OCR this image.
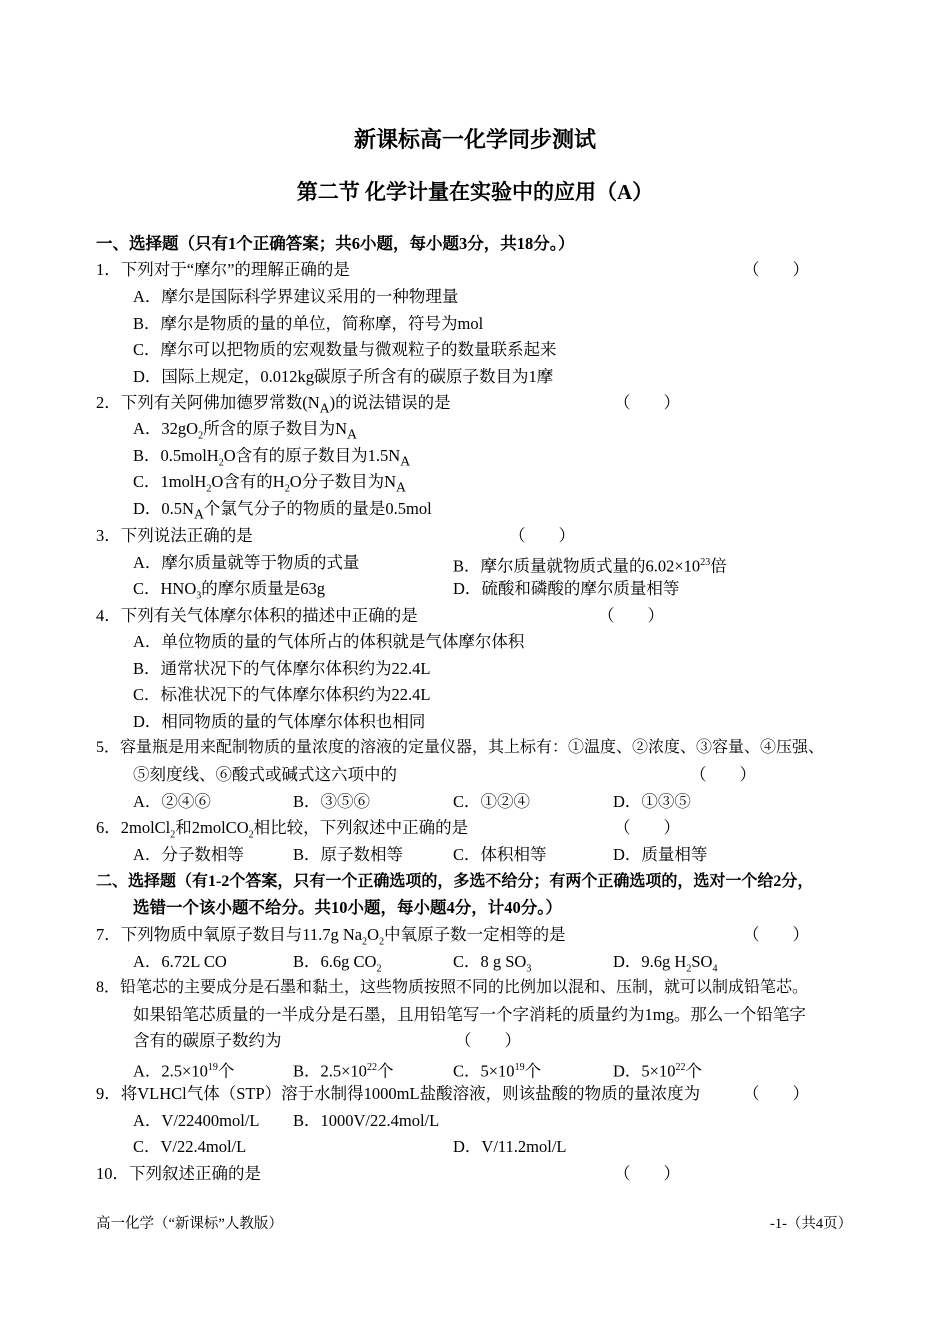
新课标高一化学同步测试
第二节 化学计量在实验中的应用（A）
一、选择题（只有1个正确答案；共6小题，每小题3分，共18分。）
1．下列对于“摩尔”的理解正确的是	（　　）
A．摩尔是国际科学界建议采用的一种物理量
B．摩尔是物质的量的单位，简称摩，符号为mol
C．摩尔可以把物质的宏观数量与微观粒子的数量联系起来
D．国际上规定，0.012kg碳原子所含有的碳原子数目为1摩
2．下列有关阿佛加德罗常数$(N_A)$的说法错误的是	（　　）
A．$32gO_2$所含的原子数目为$N_A$
B．0.5molH$_2$O含有的原子数目为$1.5N_A$
C．1molH$_2$O含有的$H_2O$分子数目为$N_A$
D．$0.5N_A$个氯气分子的物质的量是0.5mol
3．下列说法正确的是	（　　）
A．摩尔质量就等于物质的式量	B．摩尔质量就物质式量的$6.02\times 10^{23}$倍
C．$HNO_3$的摩尔质量是63g	D．硫酸和磷酸的摩尔质量相等
4．下列有关气体摩尔体积的描述中正确的是	（　　）
A．单位物质的量的气体所占的体积就是气体摩尔体积
B．通常状况下的气体摩尔体积约为22.4L
C．标准状况下的气体摩尔体积约为22.4L
D．相同物质的量的气体摩尔体积也相同
5．容量瓶是用来配制物质的量浓度的溶液的定量仪器，其上标有：①温度、②浓度、③容量、④压强、
⑤刻度线、⑥酸式或碱式这六项中的	（　　）
A．②④⑥	B．③⑤⑥	C．①②④	D．①③⑤
6．2molCl$_2$和2molCO$_2$相比较，下列叙述中正确的是	（　　）
A．分子数相等	B．原子数相等	C．体积相等	D．质量相等
二、选择题（有1-2个答案，只有一个正确选项的，多选不给分；有两个正确选项的，选对一个给2分，
选错一个该小题不给分。共10小题，每小题4分，计40分。）
7．下列物质中氧原子数目与11.7g $Na_2O_2$中氧原子数一定相等的是	（　　）
A．6.72L CO	B．6.6g $CO_2$	C．8 g $SO_3$	D．9.6g $H_2SO_4$
8．铅笔芯的主要成分是石墨和黏土，这些物质按照不同的比例加以混和、压制，就可以制成铅笔芯。
如果铅笔芯质量的一半成分是石墨，且用铅笔写一个字消耗的质量约为1mg。那么一个铅笔字
含有的碳原子数约为	（　　）
A．$2.5\times 10^{19}$个	B．$2.5\times 10^{22}$个	C．$5\times 10^{19}$个	D．$5\times 10^{22}$个
9．将VLHCl气体（STP）溶于水制得1000mL盐酸溶液，则该盐酸的物质的量浓度为	（　　）
A．V/22400mol/L B．1000V/22.4mol/L
C．V/22.4mol/L	D．V/11.2mol/L
10．下列叙述正确的是	（　　）
高一化学（“新课标”人教版）	-1-（共4页）
